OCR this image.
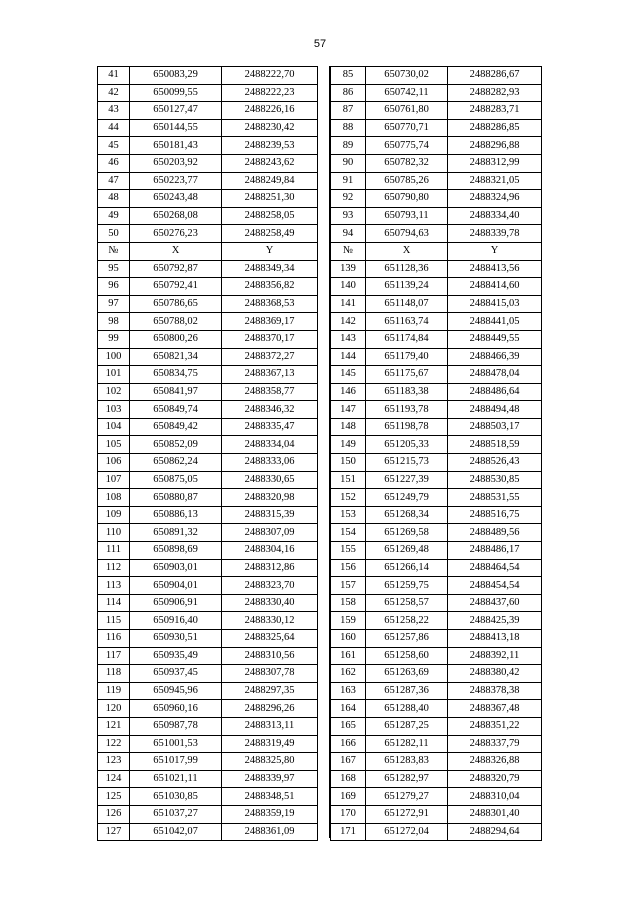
57
41	650083,29	2488222,70
42	650099,55	2488222,23
43	650127,47	2488226,16
44	650144,55	2488230,42
45	650181,43	2488239,53
46	650203,92	2488243,62
47	650223,77	2488249,84
48	650243,48	2488251,30
49	650268,08	2488258,05
50	650276,23	2488258,49
№	X	Y
95	650792,87	2488349,34
96	650792,41	2488356,82
97	650786,65	2488368,53
98	650788,02	2488369,17
99	650800,26	2488370,17
100	650821,34	2488372,27
101	650834,75	2488367,13
102	650841,97	2488358,77
103	650849,74	2488346,32
104	650849,42	2488335,47
105	650852,09	2488334,04
106	650862,24	2488333,06
107	650875,05	2488330,65
108	650880,87	2488320,98
109	650886,13	2488315,39
110	650891,32	2488307,09
111	650898,69	2488304,16
112	650903,01	2488312,86
113	650904,01	2488323,70
114	650906,91	2488330,40
115	650916,40	2488330,12
116	650930,51	2488325,64
117	650935,49	2488310,56
118	650937,45	2488307,78
119	650945,96	2488297,35
120	650960,16	2488296,26
121	650987,78	2488313,11
122	651001,53	2488319,49
123	651017,99	2488325,80
124	651021,11	2488339,97
125	651030,85	2488348,51
126	651037,27	2488359,19
127	651042,07	2488361,09
85	650730,02	2488286,67
86	650742,11	2488282,93
87	650761,80	2488283,71
88	650770,71	2488286,85
89	650775,74	2488296,88
90	650782,32	2488312,99
91	650785,26	2488321,05
92	650790,80	2488324,96
93	650793,11	2488334,40
94	650794,63	2488339,78
№	X	Y
139	651128,36	2488413,56
140	651139,24	2488414,60
141	651148,07	2488415,03
142	651163,74	2488441,05
143	651174,84	2488449,55
144	651179,40	2488466,39
145	651175,67	2488478,04
146	651183,38	2488486,64
147	651193,78	2488494,48
148	651198,78	2488503,17
149	651205,33	2488518,59
150	651215,73	2488526,43
151	651227,39	2488530,85
152	651249,79	2488531,55
153	651268,34	2488516,75
154	651269,58	2488489,56
155	651269,48	2488486,17
156	651266,14	2488464,54
157	651259,75	2488454,54
158	651258,57	2488437,60
159	651258,22	2488425,39
160	651257,86	2488413,18
161	651258,60	2488392,11
162	651263,69	2488380,42
163	651287,36	2488378,38
164	651288,40	2488367,48
165	651287,25	2488351,22
166	651282,11	2488337,79
167	651283,83	2488326,88
168	651282,97	2488320,79
169	651279,27	2488310,04
170	651272,91	2488301,40
171	651272,04	2488294,64
